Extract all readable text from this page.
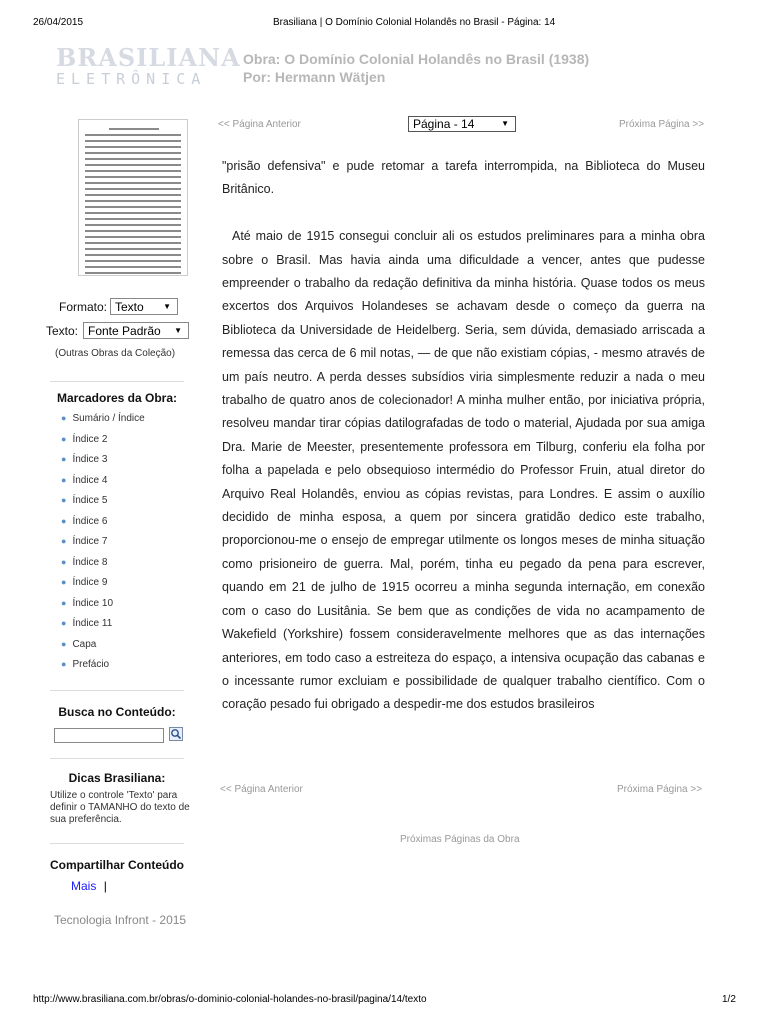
26/04/2015	Brasiliana | O Domínio Colonial Holandês no Brasil - Página: 14
BRASILIANA
ELETRÔNICA
Obra: O Domínio Colonial Holandês no Brasil (1938)
Por: Hermann Wätjen
Formato: Texto ▼
Texto: Fonte Padrão ▼
(Outras Obras da Coleção)
Marcadores da Obra:
● Sumário / Índice
● Índice 2
● Índice 3
● Índice 4
● Índice 5
● Índice 6
● Índice 7
● Índice 8
● Índice 9
● Índice 10
● Índice 11
● Capa
● Prefácio
Busca no Conteúdo:
Dicas Brasiliana:
Utilize o controle 'Texto' para definir o TAMANHO do texto de sua preferência.
Compartilhar Conteúdo
Mais |
Tecnologia Infront - 2015
<< Página Anterior	Página - 14	▼	Próxima Página >>

"prisão defensiva" e pude retomar a tarefa interrompida, na Biblioteca do Museu Britânico.

Até maio de 1915 consegui concluir ali os estudos preliminares para a minha obra sobre o Brasil. Mas havia ainda uma dificuldade a vencer, antes que pudesse empreender o trabalho da redação definitiva da minha história. Quase todos os meus excertos dos Arquivos Holandeses se achavam desde o começo da guerra na Biblioteca da Universidade de Heidelberg. Seria, sem dúvida, demasiado arriscada a remessa das cerca de 6 mil notas, — de que não existiam cópias, - mesmo através de um país neutro. A perda desses subsídios viria simplesmente reduzir a nada o meu trabalho de quatro anos de colecionador! A minha mulher então, por iniciativa própria, resolveu mandar tirar cópias datilografadas de todo o material, Ajudada por sua amiga Dra. Marie de Meester, presentemente professora em Tilburg, conferiu ela folha por folha a papelada e pelo obsequioso intermédio do Professor Fruin, atual diretor do Arquivo Real Holandês, enviou as cópias revistas, para Londres. E assim o auxílio decidido de minha esposa, a quem por sincera gratidão dedico este trabalho, proporcionou-me o ensejo de empregar utilmente os longos meses de minha situação como prisioneiro de guerra. Mal, porém, tinha eu pegado da pena para escrever, quando em 21 de julho de 1915 ocorreu a minha segunda internação, em conexão com o caso do Lusitânia. Se bem que as condições de vida no acampamento de Wakefield (Yorkshire) fossem consideravelmente melhores que as das internações anteriores, em todo caso a estreiteza do espaço, a intensiva ocupação das cabanas e o incessante rumor excluiam e possibilidade de qualquer trabalho científico. Com o coração pesado fui obrigado a despedir-me dos estudos brasileiros

<< Página Anterior	Próxima Página >>
Próximas Páginas da Obra
http://www.brasiliana.com.br/obras/o-dominio-colonial-holandes-no-brasil/pagina/14/texto	1/2
